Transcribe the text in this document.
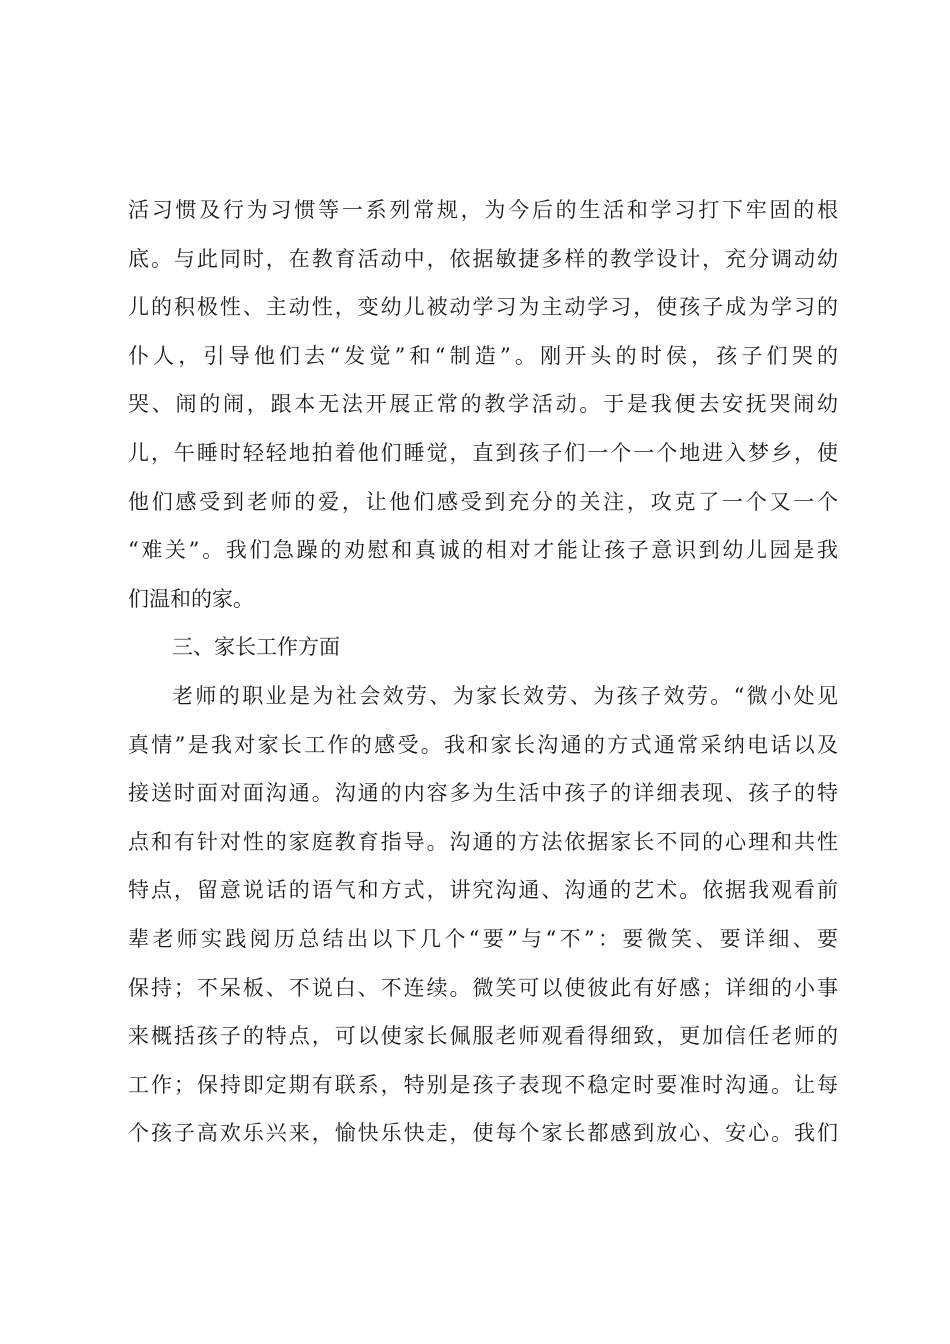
活习惯及行为习惯等一系列常规，为今后的生活和学习打下牢固的根
底。与此同时，在教育活动中，依据敏捷多样的教学设计，充分调动幼
儿的积极性、主动性，变幼儿被动学习为主动学习，使孩子成为学习的
仆人，引导他们去“发觉”和“制造”。刚开头的时侯，孩子们哭的
哭、闹的闹，跟本无法开展正常的教学活动。于是我便去安抚哭闹幼
儿，午睡时轻轻地拍着他们睡觉，直到孩子们一个一个地进入梦乡，使
他们感受到老师的爱，让他们感受到充分的关注，攻克了一个又一个
“难关”。我们急躁的劝慰和真诚的相对才能让孩子意识到幼儿园是我
们温和的家。
三、家长工作方面
老师的职业是为社会效劳、为家长效劳、为孩子效劳。“微小处见
真情”是我对家长工作的感受。我和家长沟通的方式通常采纳电话以及
接送时面对面沟通。沟通的内容多为生活中孩子的详细表现、孩子的特
点和有针对性的家庭教育指导。沟通的方法依据家长不同的心理和共性
特点，留意说话的语气和方式，讲究沟通、沟通的艺术。依据我观看前
辈老师实践阅历总结出以下几个“要”与“不”：要微笑、要详细、要
保持；不呆板、不说白、不连续。微笑可以使彼此有好感；详细的小事
来概括孩子的特点，可以使家长佩服老师观看得细致，更加信任老师的
工作；保持即定期有联系，特别是孩子表现不稳定时要准时沟通。让每
个孩子高欢乐兴来，愉快乐快走，使每个家长都感到放心、安心。我们
